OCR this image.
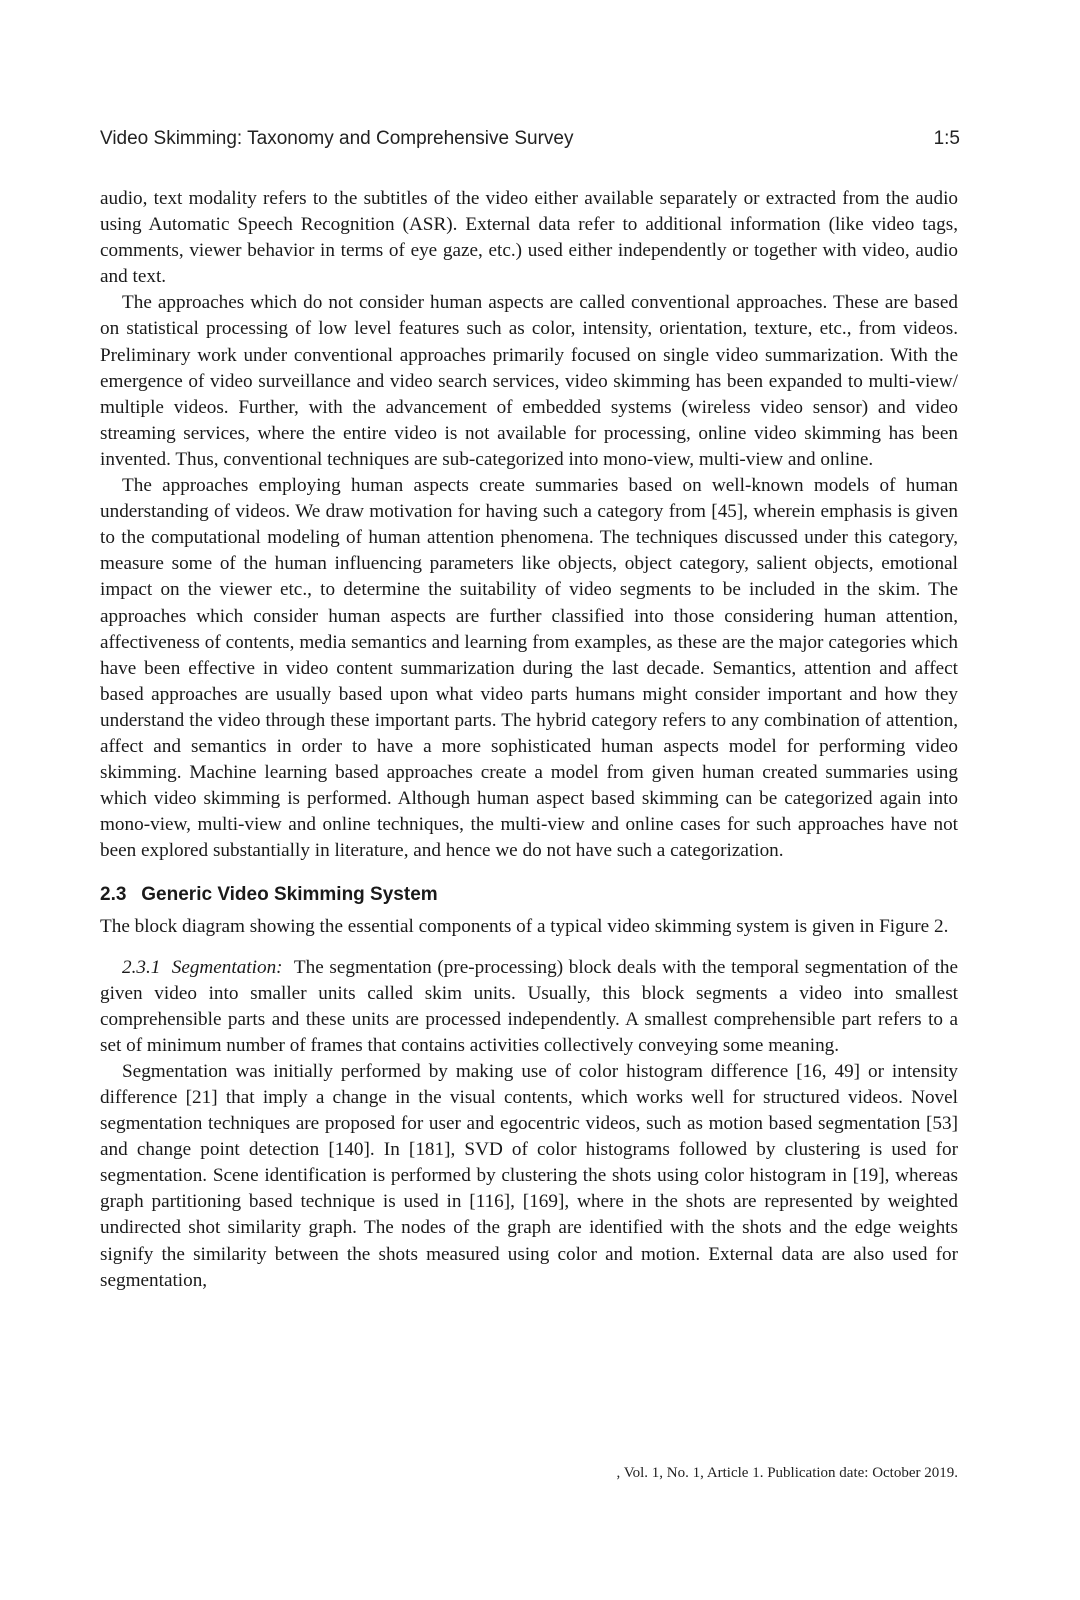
Video Skimming: Taxonomy and Comprehensive Survey	1:5

audio, text modality refers to the subtitles of the video either available separately or extracted from the audio using Automatic Speech Recognition (ASR). External data refer to additional information (like video tags, comments, viewer behavior in terms of eye gaze, etc.) used either independently or together with video, audio and text.

The approaches which do not consider human aspects are called conventional approaches. These are based on statistical processing of low level features such as color, intensity, orientation, texture, etc., from videos. Preliminary work under conventional approaches primarily focused on single video summarization. With the emergence of video surveillance and video search services, video skimming has been expanded to multi-view/ multiple videos. Further, with the advancement of embedded systems (wireless video sensor) and video streaming services, where the entire video is not available for processing, online video skimming has been invented. Thus, conventional techniques are sub-categorized into mono-view, multi-view and online.

The approaches employing human aspects create summaries based on well-known models of human understanding of videos. We draw motivation for having such a category from [45], wherein emphasis is given to the computational modeling of human attention phenomena. The techniques discussed under this category, measure some of the human influencing parameters like objects, object category, salient objects, emotional impact on the viewer etc., to determine the suitability of video segments to be included in the skim. The approaches which consider human aspects are further classified into those considering human attention, affectiveness of contents, media semantics and learning from examples, as these are the major categories which have been effective in video content summarization during the last decade. Semantics, attention and affect based approaches are usually based upon what video parts humans might consider important and how they understand the video through these important parts. The hybrid category refers to any combination of attention, affect and semantics in order to have a more sophisticated human aspects model for performing video skimming. Machine learning based approaches create a model from given human created summaries using which video skimming is performed. Although human aspect based skimming can be categorized again into mono-view, multi-view and online techniques, the multi-view and online cases for such approaches have not been explored substantially in literature, and hence we do not have such a categorization.

2.3 Generic Video Skimming System

The block diagram showing the essential components of a typical video skimming system is given in Figure 2.

2.3.1 Segmentation: The segmentation (pre-processing) block deals with the temporal segmentation of the given video into smaller units called skim units. Usually, this block segments a video into smallest comprehensible parts and these units are processed independently. A smallest comprehensible part refers to a set of minimum number of frames that contains activities collectively conveying some meaning.

Segmentation was initially performed by making use of color histogram difference [16, 49] or intensity difference [21] that imply a change in the visual contents, which works well for structured videos. Novel segmentation techniques are proposed for user and egocentric videos, such as motion based segmentation [53] and change point detection [140]. In [181], SVD of color histograms followed by clustering is used for segmentation. Scene identification is performed by clustering the shots using color histogram in [19], whereas graph partitioning based technique is used in [116], [169], where in the shots are represented by weighted undirected shot similarity graph. The nodes of the graph are identified with the shots and the edge weights signify the similarity between the shots measured using color and motion. External data are also used for segmentation,

, Vol. 1, No. 1, Article 1. Publication date: October 2019.
